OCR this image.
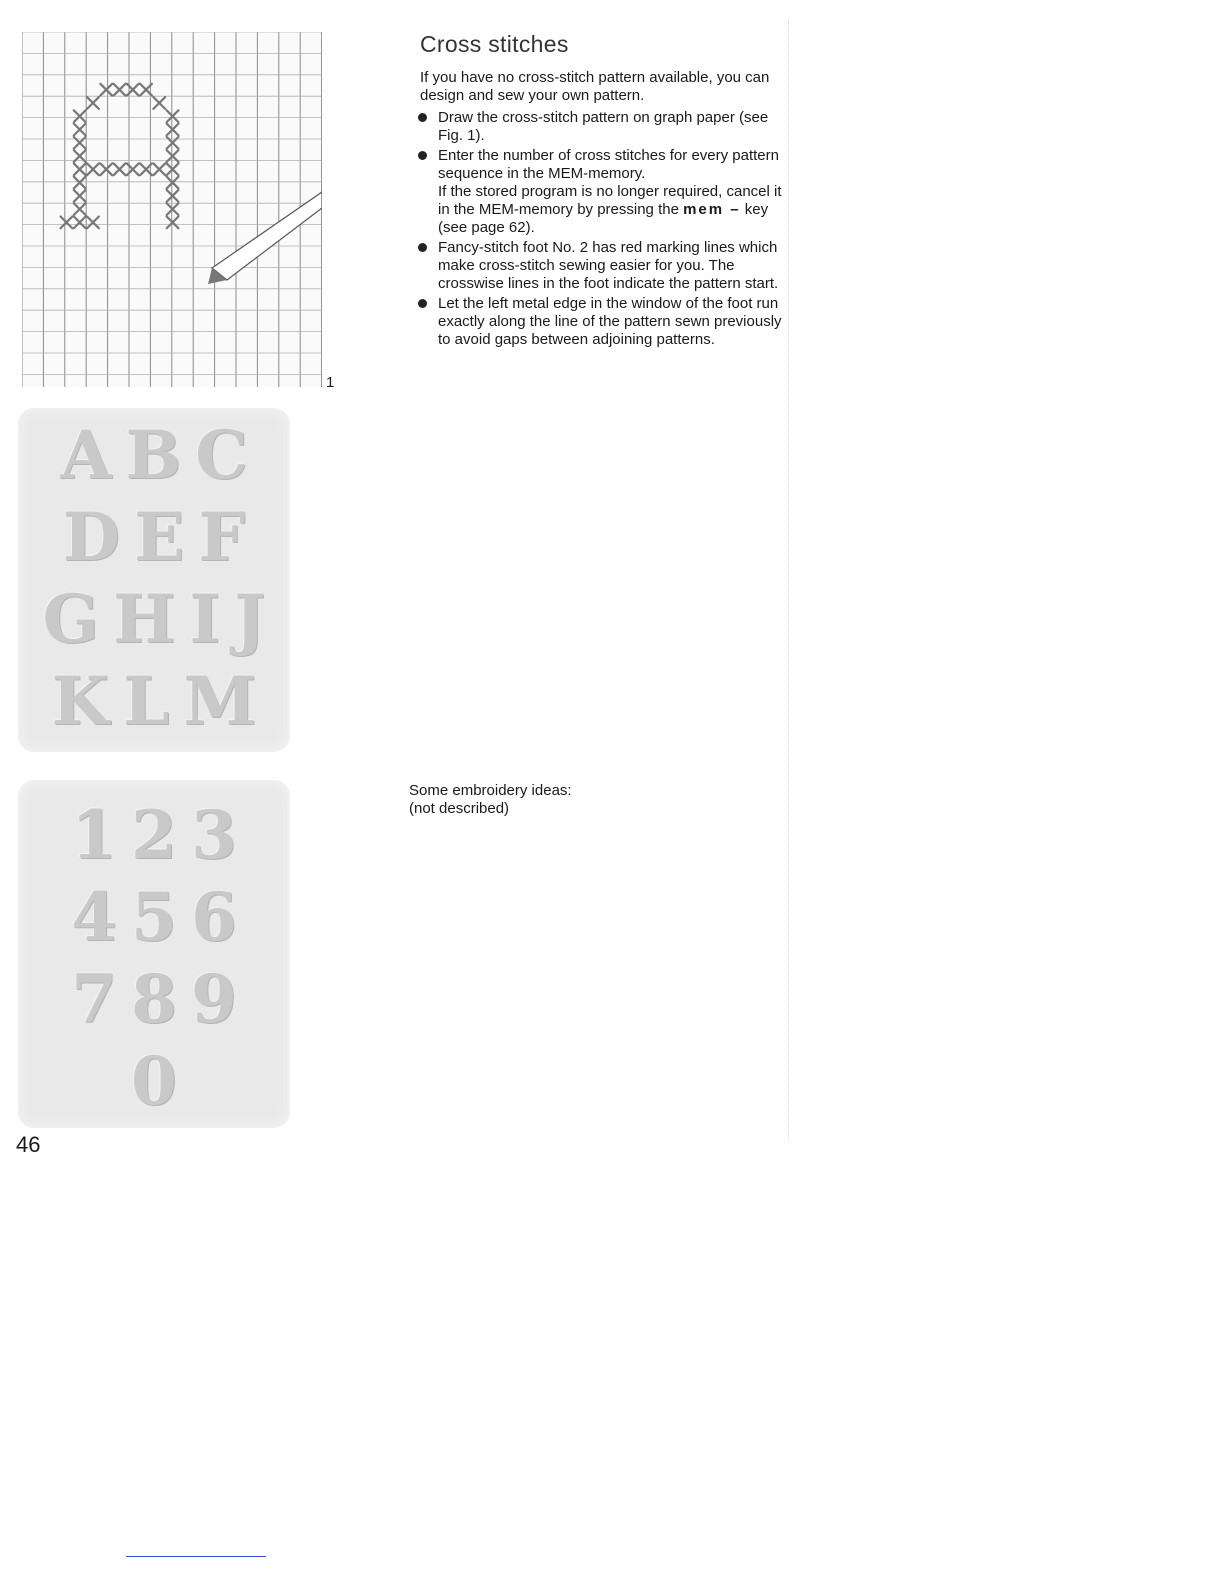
1
Cross stitches
If you have no cross-stitch pattern available, you can design and sew your own pattern.
Draw the cross-stitch pattern on graph paper (see Fig. 1).
Enter the number of cross stitches for every pattern sequence in the MEM-memory.
If the stored program is no longer required, cancel it in the MEM-memory by pressing the mem – key (see page 62).
Fancy-stitch foot No. 2 has red marking lines which make cross-stitch sewing easier for you. The crosswise lines in the foot indicate the pattern start.
Let the left metal edge in the window of the foot run exactly along the line of the pattern sewn previously to avoid gaps between adjoining patterns.
A B C
D E F
G H I J
K L M
1 2 3
4 5 6
7 8 9
0
Some embroidery ideas:
(not described)
46
